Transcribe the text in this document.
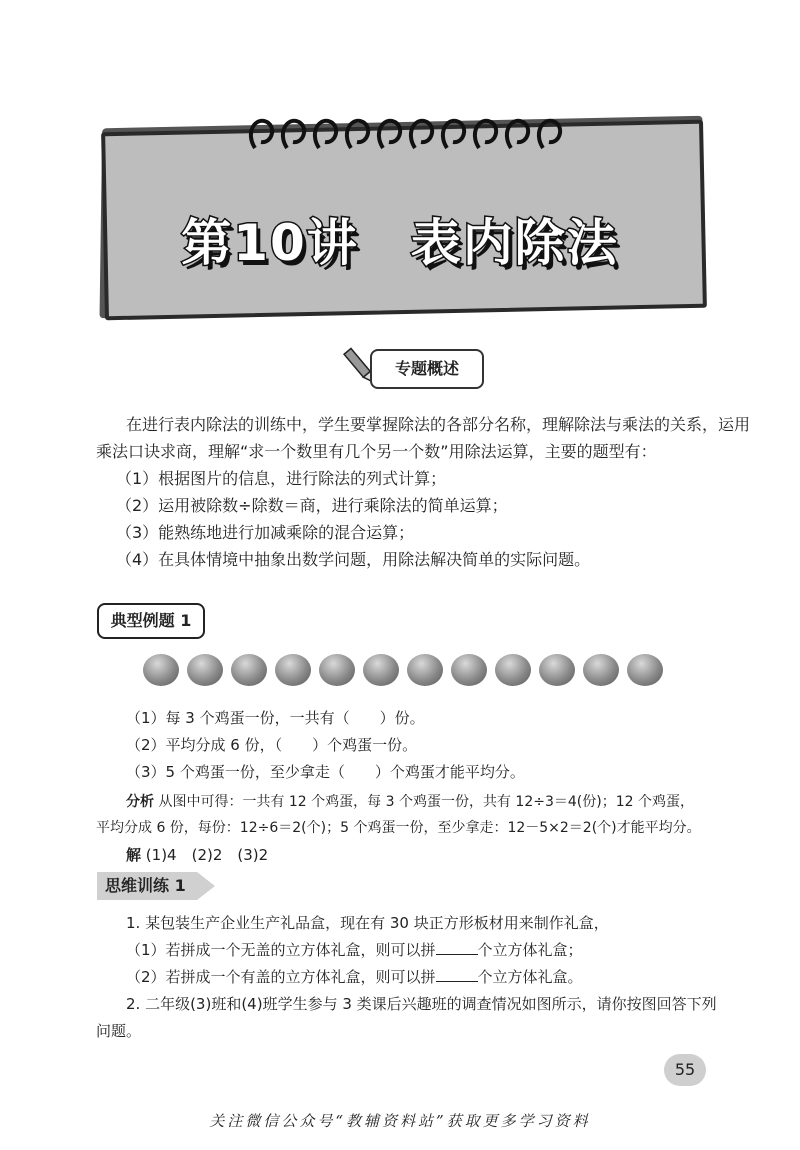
第10讲　表内除法
专题概述
在进行表内除法的训练中，学生要掌握除法的各部分名称，理解除法与乘法的关系，运用
乘法口诀求商，理解“求一个数里有几个另一个数”用除法运算，主要的题型有：
（1）根据图片的信息，进行除法的列式计算；
（2）运用被除数÷除数＝商，进行乘除法的简单运算；
（3）能熟练地进行加减乘除的混合运算；
（4）在具体情境中抽象出数学问题，用除法解决简单的实际问题。
典型例题 1
（1）每 3 个鸡蛋一份，一共有（ ）份。
（2）平均分成 6 份，（ ）个鸡蛋一份。
（3）5 个鸡蛋一份，至少拿走（ ）个鸡蛋才能平均分。
分析 从图中可得：一共有 12 个鸡蛋，每 3 个鸡蛋一份，共有 12÷3＝4(份)；12 个鸡蛋，
平均分成 6 份，每份：12÷6＝2(个)；5 个鸡蛋一份，至少拿走：12－5×2＝2(个)才能平均分。
解 (1)4　(2)2　(3)2
思维训练 1
1. 某包装生产企业生产礼品盒，现在有 30 块正方形板材用来制作礼盒，
（1）若拼成一个无盖的立方体礼盒，则可以拼	个立方体礼盒；
（2）若拼成一个有盖的立方体礼盒，则可以拼	个立方体礼盒。
2. 二年级(3)班和(4)班学生参与 3 类课后兴趣班的调查情况如图所示，请你按图回答下列
问题。
55
关注微信公众号“教辅资料站”获取更多学习资料
